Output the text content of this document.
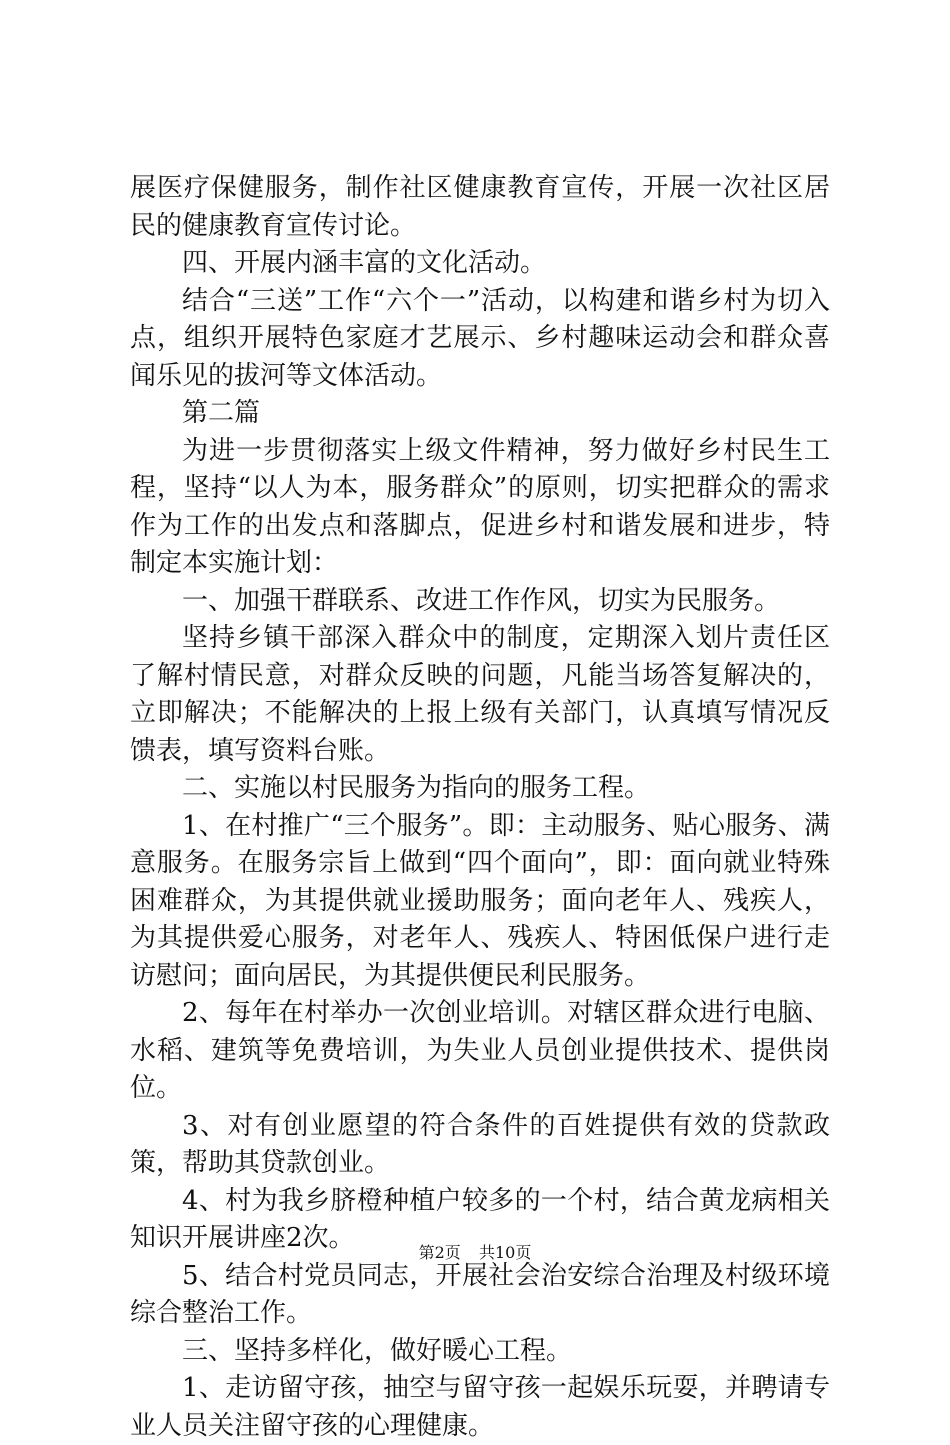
展医疗保健服务，制作社区健康教育宣传，开展一次社区居民的健康教育宣传讨论。

四、开展内涵丰富的文化活动。

结合“三送”工作“六个一”活动，以构建和谐乡村为切入点，组织开展特色家庭才艺展示、乡村趣味运动会和群众喜闻乐见的拔河等文体活动。

第二篇

为进一步贯彻落实上级文件精神，努力做好乡村民生工程，坚持“以人为本，服务群众”的原则，切实把群众的需求作为工作的出发点和落脚点，促进乡村和谐发展和进步，特制定本实施计划：

一、加强干群联系、改进工作作风，切实为民服务。

坚持乡镇干部深入群众中的制度，定期深入划片责任区了解村情民意，对群众反映的问题，凡能当场答复解决的，立即解决；不能解决的上报上级有关部门，认真填写情况反馈表，填写资料台账。

二、实施以村民服务为指向的服务工程。

1、在村推广“三个服务”。即：主动服务、贴心服务、满意服务。在服务宗旨上做到“四个面向”，即：面向就业特殊困难群众，为其提供就业援助服务；面向老年人、残疾人，为其提供爱心服务，对老年人、残疾人、特困低保户进行走访慰问；面向居民，为其提供便民利民服务。

2、每年在村举办一次创业培训。对辖区群众进行电脑、水稻、建筑等免费培训，为失业人员创业提供技术、提供岗位。

3、对有创业愿望的符合条件的百姓提供有效的贷款政策，帮助其贷款创业。

4、村为我乡脐橙种植户较多的一个村，结合黄龙病相关知识开展讲座2次。

5、结合村党员同志，开展社会治安综合治理及村级环境综合整治工作。

三、坚持多样化，做好暖心工程。

1、走访留守孩，抽空与留守孩一起娱乐玩耍，并聘请专业人员关注留守孩的心理健康。

第2页 共10页
